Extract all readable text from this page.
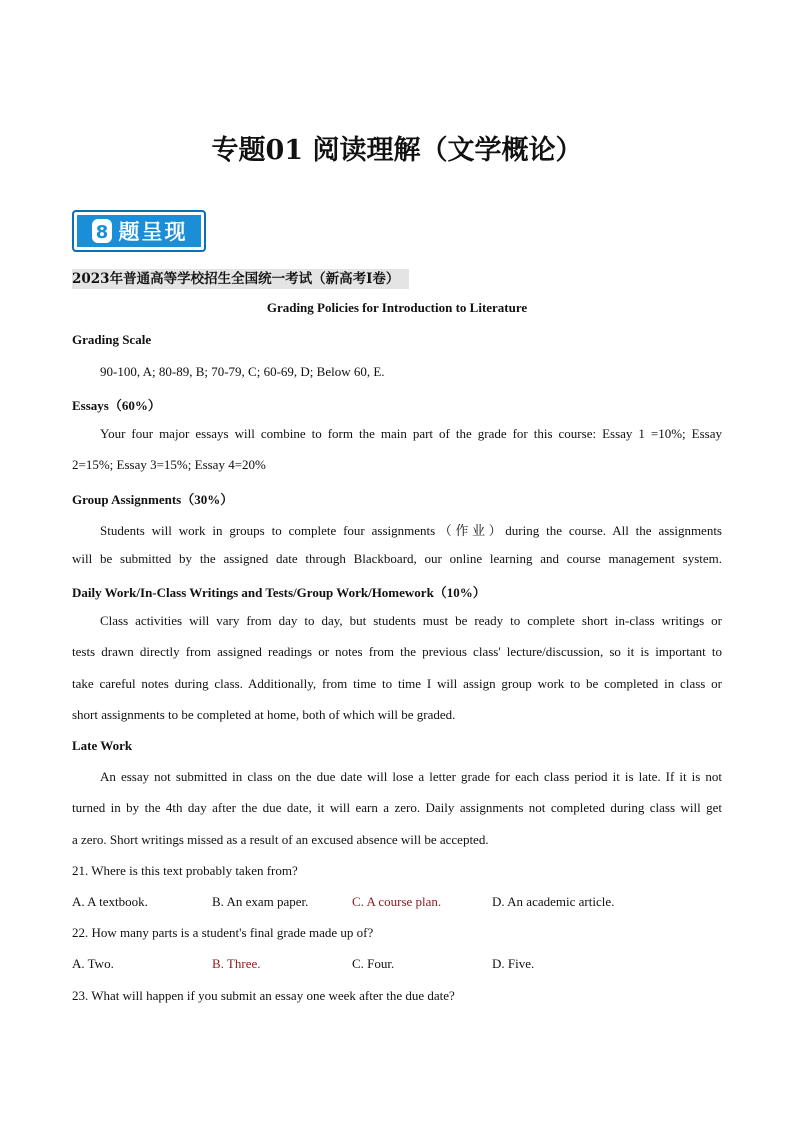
专题01 阅读理解（文学概论）
8 题呈现
2023年普通高等学校招生全国统一考试（新高考Ⅰ卷）
Grading Policies for Introduction to Literature
Grading Scale
90-100, A; 80-89, B; 70-79, C; 60-69, D; Below 60, E.
Essays（60%）
Your four major essays will combine to form the main part of the grade for this course: Essay 1 =10%; Essay
2=15%; Essay 3=15%; Essay 4=20%
Group Assignments（30%）
Students will work in groups to complete four assignments（作业）during the course. All the assignments
will be submitted by the assigned date through Blackboard, our online learning and course management system.
Daily Work/In-Class Writings and Tests/Group Work/Homework（10%）
Class activities will vary from day to day, but students must be ready to complete short in-class writings or
tests drawn directly from assigned readings or notes from the previous class' lecture/discussion, so it is important to
take careful notes during class. Additionally, from time to time I will assign group work to be completed in class or
short assignments to be completed at home, both of which will be graded.
Late Work
An essay not submitted in class on the due date will lose a letter grade for each class period it is late. If it is not
turned in by the 4th day after the due date, it will earn a zero. Daily assignments not completed during class will get
a zero. Short writings missed as a result of an excused absence will be accepted.
21. Where is this text probably taken from?
A. A textbook.	B. An exam paper.	C. A course plan.	D. An academic article.
22. How many parts is a student's final grade made up of?
A. Two.	B. Three.	C. Four.	D. Five.
23. What will happen if you submit an essay one week after the due date?
